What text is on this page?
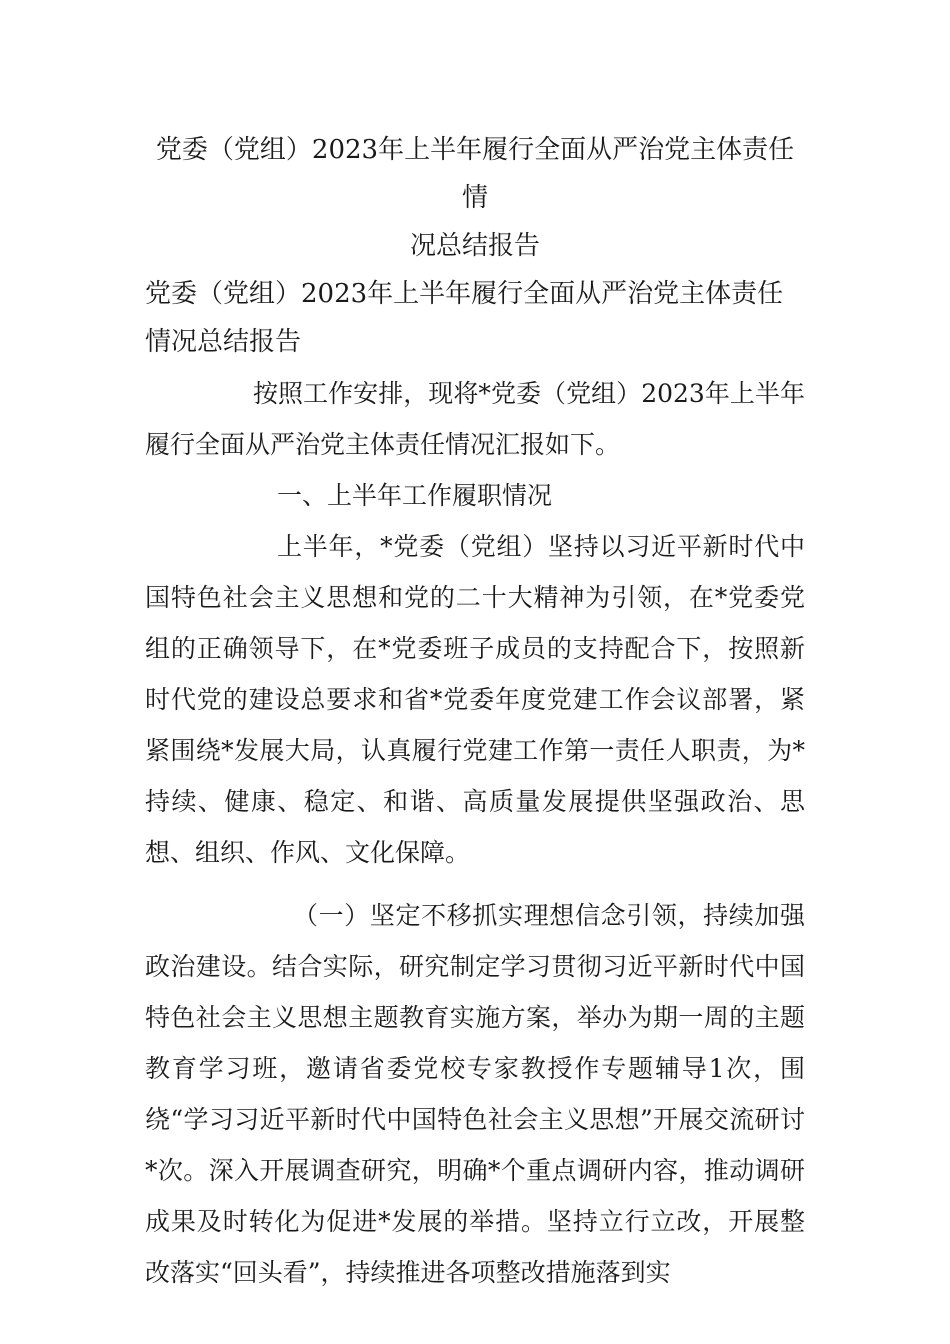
党委（党组）2023年上半年履行全面从严治党主体责任情
况总结报告

党委（党组）2023年上半年履行全面从严治党主体责任情况总结报告

按照工作安排，现将*党委（党组）2023年上半年履行全面从严治党主体责任情况汇报如下。

一、上半年工作履职情况

上半年，*党委（党组）坚持以习近平新时代中国特色社会主义思想和党的二十大精神为引领，在*党委党组的正确领导下，在*党委班子成员的支持配合下，按照新时代党的建设总要求和省*党委年度党建工作会议部署，紧紧围绕*发展大局，认真履行党建工作第一责任人职责，为*持续、健康、稳定、和谐、高质量发展提供坚强政治、思想、组织、作风、文化保障。

（一）坚定不移抓实理想信念引领，持续加强政治建设。结合实际，研究制定学习贯彻习近平新时代中国特色社会主义思想主题教育实施方案，举办为期一周的主题教育学习班，邀请省委党校专家教授作专题辅导1次，围绕“学习习近平新时代中国特色社会主义思想”开展交流研讨*次。深入开展调查研究，明确*个重点调研内容，推动调研成果及时转化为促进*发展的举措。坚持立行立改，开展整改落实“回头看”，持续推进各项整改措施落到实
